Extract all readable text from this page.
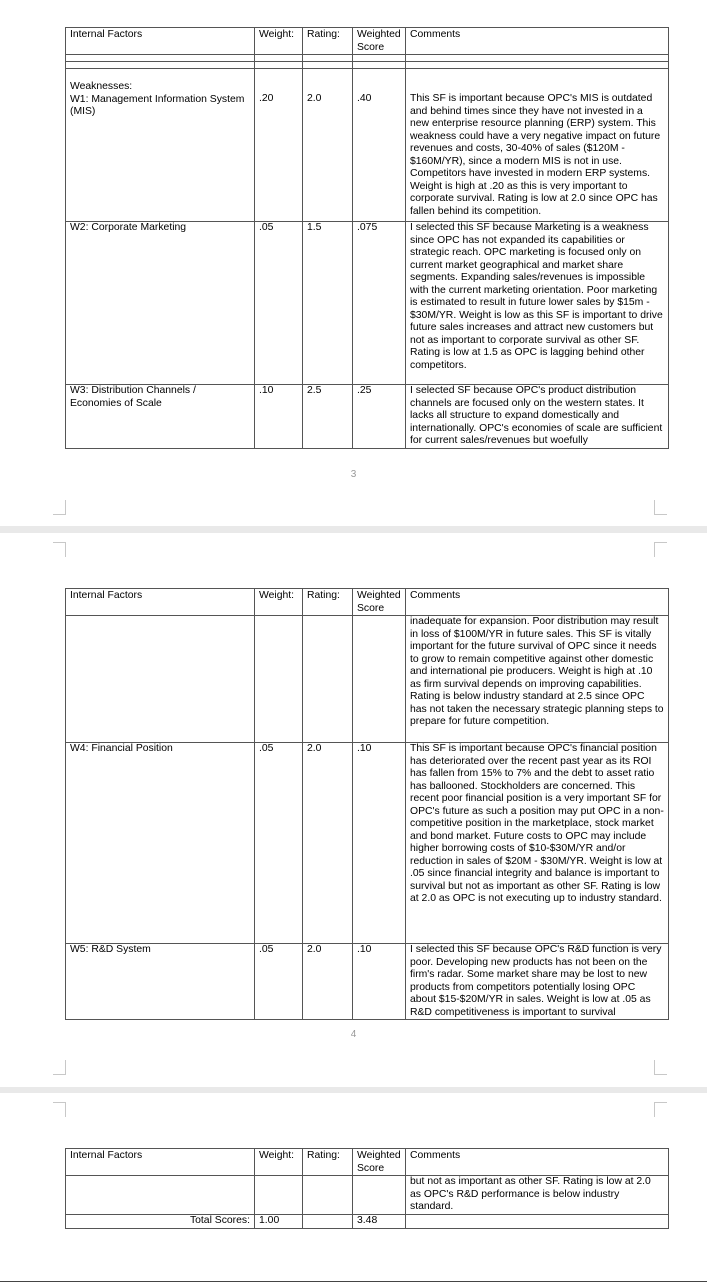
Internal Factors	Weight:	Rating:	Weighted Score	Comments

Weaknesses:
W1: Management Information System (MIS)	.20	2.0	.40	This SF is important because OPC's MIS is outdated and behind times since they have not invested in a new enterprise resource planning (ERP) system. This weakness could have a very negative impact on future revenues and costs, 30-40% of sales ($120M - $160M/YR), since a modern MIS is not in use. Competitors have invested in modern ERP systems. Weight is high at .20 as this is very important to corporate survival. Rating is low at 2.0 since OPC has fallen behind its competition.
W2: Corporate Marketing	.05	1.5	.075	I selected this SF because Marketing is a weakness since OPC has not expanded its capabilities or strategic reach. OPC marketing is focused only on current market geographical and market share segments. Expanding sales/revenues is impossible with the current marketing orientation. Poor marketing is estimated to result in future lower sales by $15m - $30M/YR. Weight is low as this SF is important to drive future sales increases and attract new customers but not as important to corporate survival as other SF. Rating is low at 1.5 as OPC is lagging behind other competitors.
W3: Distribution Channels / Economies of Scale	.10	2.5	.25	I selected SF because OPC's product distribution channels are focused only on the western states. It lacks all structure to expand domestically and internationally. OPC's economies of scale are sufficient for current sales/revenues but woefully
3
Internal Factors	Weight:	Rating:	Weighted Score	Comments
				inadequate for expansion. Poor distribution may result in loss of $100M/YR in future sales. This SF is vitally important for the future survival of OPC since it needs to grow to remain competitive against other domestic and international pie producers. Weight is high at .10 as firm survival depends on improving capabilities. Rating is below industry standard at 2.5 since OPC has not taken the necessary strategic planning steps to prepare for future competition.
W4: Financial Position	.05	2.0	.10	This SF is important because OPC's financial position has deteriorated over the recent past year as its ROI has fallen from 15% to 7% and the debt to asset ratio has ballooned. Stockholders are concerned. This recent poor financial position is a very important SF for OPC's future as such a position may put OPC in a non-competitive position in the marketplace, stock market and bond market. Future costs to OPC may include higher borrowing costs of $10-$30M/YR and/or reduction in sales of $20M - $30M/YR. Weight is low at .05 since financial integrity and balance is important to survival but not as important as other SF. Rating is low at 2.0 as OPC is not executing up to industry standard.
W5: R&D System	.05	2.0	.10	I selected this SF because OPC's R&D function is very poor. Developing new products has not been on the firm's radar. Some market share may be lost to new products from competitors potentially losing OPC about $15-$20M/YR in sales. Weight is low at .05 as R&D competitiveness is important to survival
4
Internal Factors	Weight:	Rating:	Weighted Score	Comments
				but not as important as other SF. Rating is low at 2.0 as OPC's R&D performance is below industry standard.
Total Scores:	1.00		3.48	
